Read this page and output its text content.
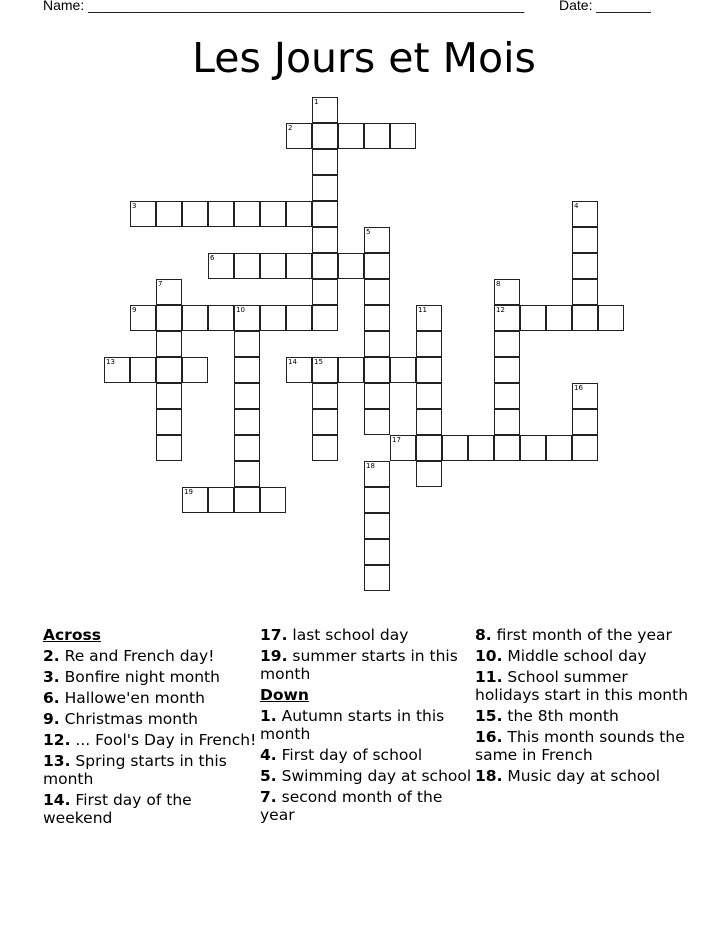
Name: ________________________________________________________ Date: _______
Les Jours et Mois
1
2
3	4
5
6
7	8
12
9	10	11
13	14 15
16
17
18
19
Across
2. Re and French day!
3. Bonfire night month
6. Hallowe'en month
9. Christmas month
12. ... Fool's Day in French!
13. Spring starts in this month
14. First day of the weekend
17. last school day
19. summer starts in this month
Down
1. Autumn starts in this month
4. First day of school
5. Swimming day at school
7. second month of the year
8. first month of the year
10. Middle school day
11. School summer holidays start in this month
15. the 8th month
16. This month sounds the same in French
18. Music day at school
